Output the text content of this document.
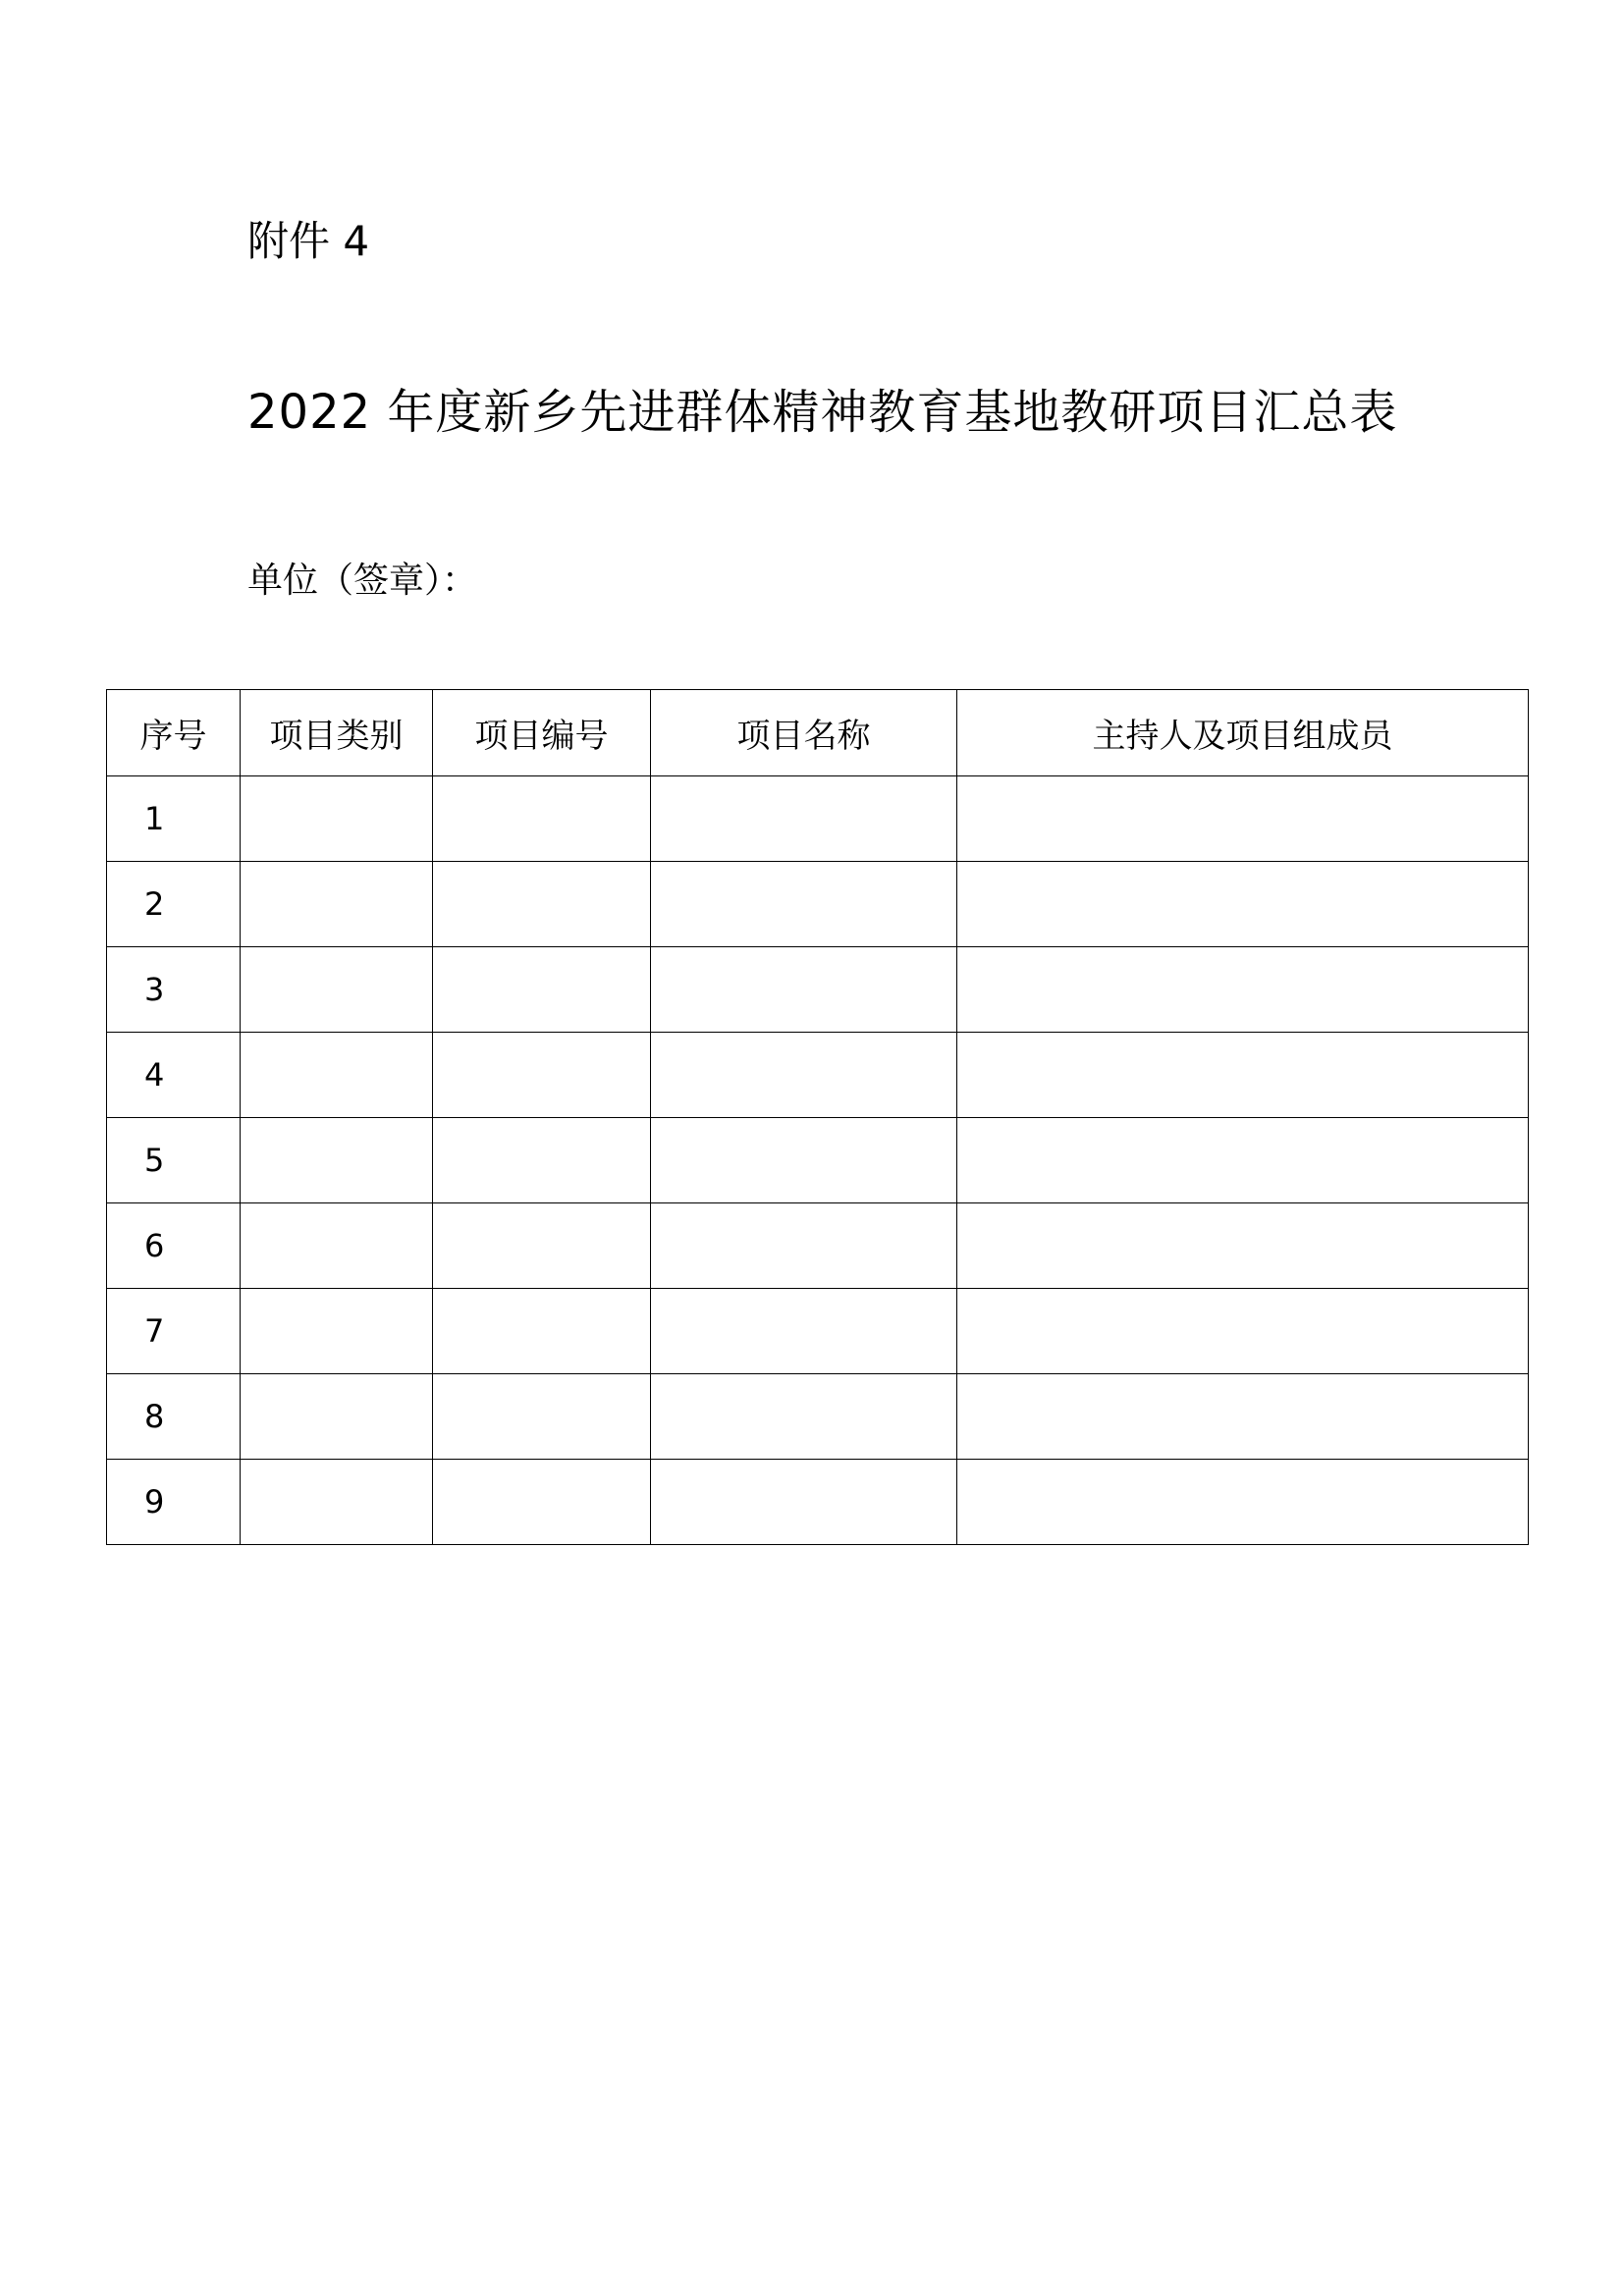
附件 4
2022 年度新乡先进群体精神教育基地教研项目汇总表
单位（签章）：
序号	项目类别	项目编号	项目名称	主持人及项目组成员
1				
2				
3				
4				
5				
6				
7				
8				
9				
